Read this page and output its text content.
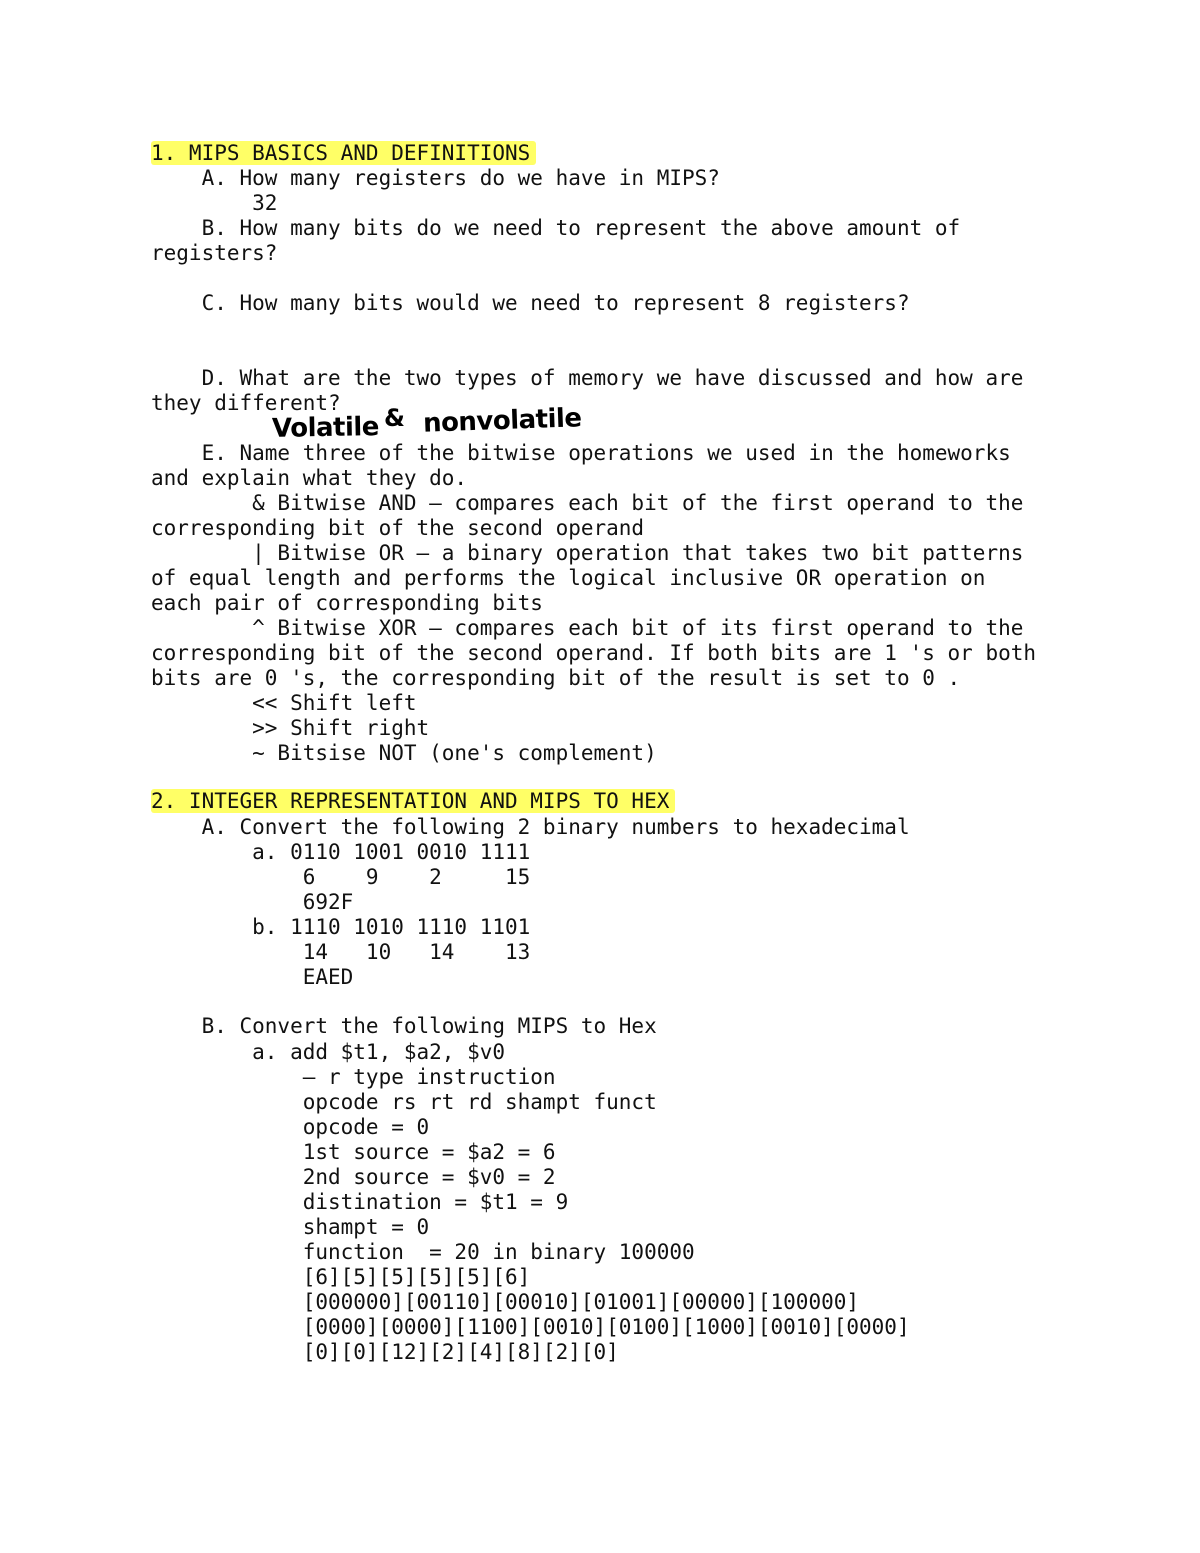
1. MIPS BASICS AND DEFINITIONS
A. How many registers do we have in MIPS?
32
B. How many bits do we need to represent the above amount of
registers?
C. How many bits would we need to represent 8 registers?
D. What are the two types of memory we have discussed and how are
they different?
Volatile & nonvolatile
E. Name three of the bitwise operations we used in the homeworks
and explain what they do.
& Bitwise AND – compares each bit of the first operand to the
corresponding bit of the second operand
| Bitwise OR – a binary operation that takes two bit patterns
of equal length and performs the logical inclusive OR operation on
each pair of corresponding bits
^ Bitwise XOR – compares each bit of its first operand to the
corresponding bit of the second operand. If both bits are 1 's or both
bits are 0 's, the corresponding bit of the result is set to 0 .
<< Shift left
>> Shift right
~ Bitsise NOT (one's complement)
2. INTEGER REPRESENTATION AND MIPS TO HEX
A. Convert the following 2 binary numbers to hexadecimal
a. 0110 1001 0010 1111
6    9    2     15
692F
b. 1110 1010 1110 1101
14   10   14    13
EAED
B. Convert the following MIPS to Hex
a. add $t1, $a2, $v0
– r type instruction
opcode rs rt rd shampt funct
opcode = 0
1st source = $a2 = 6
2nd source = $v0 = 2
distination = $t1 = 9
shampt = 0
function  = 20 in binary 100000
[6][5][5][5][5][6]
[000000][00110][00010][01001][00000][100000]
[0000][0000][1100][0010][0100][1000][0010][0000]
[0][0][12][2][4][8][2][0]
